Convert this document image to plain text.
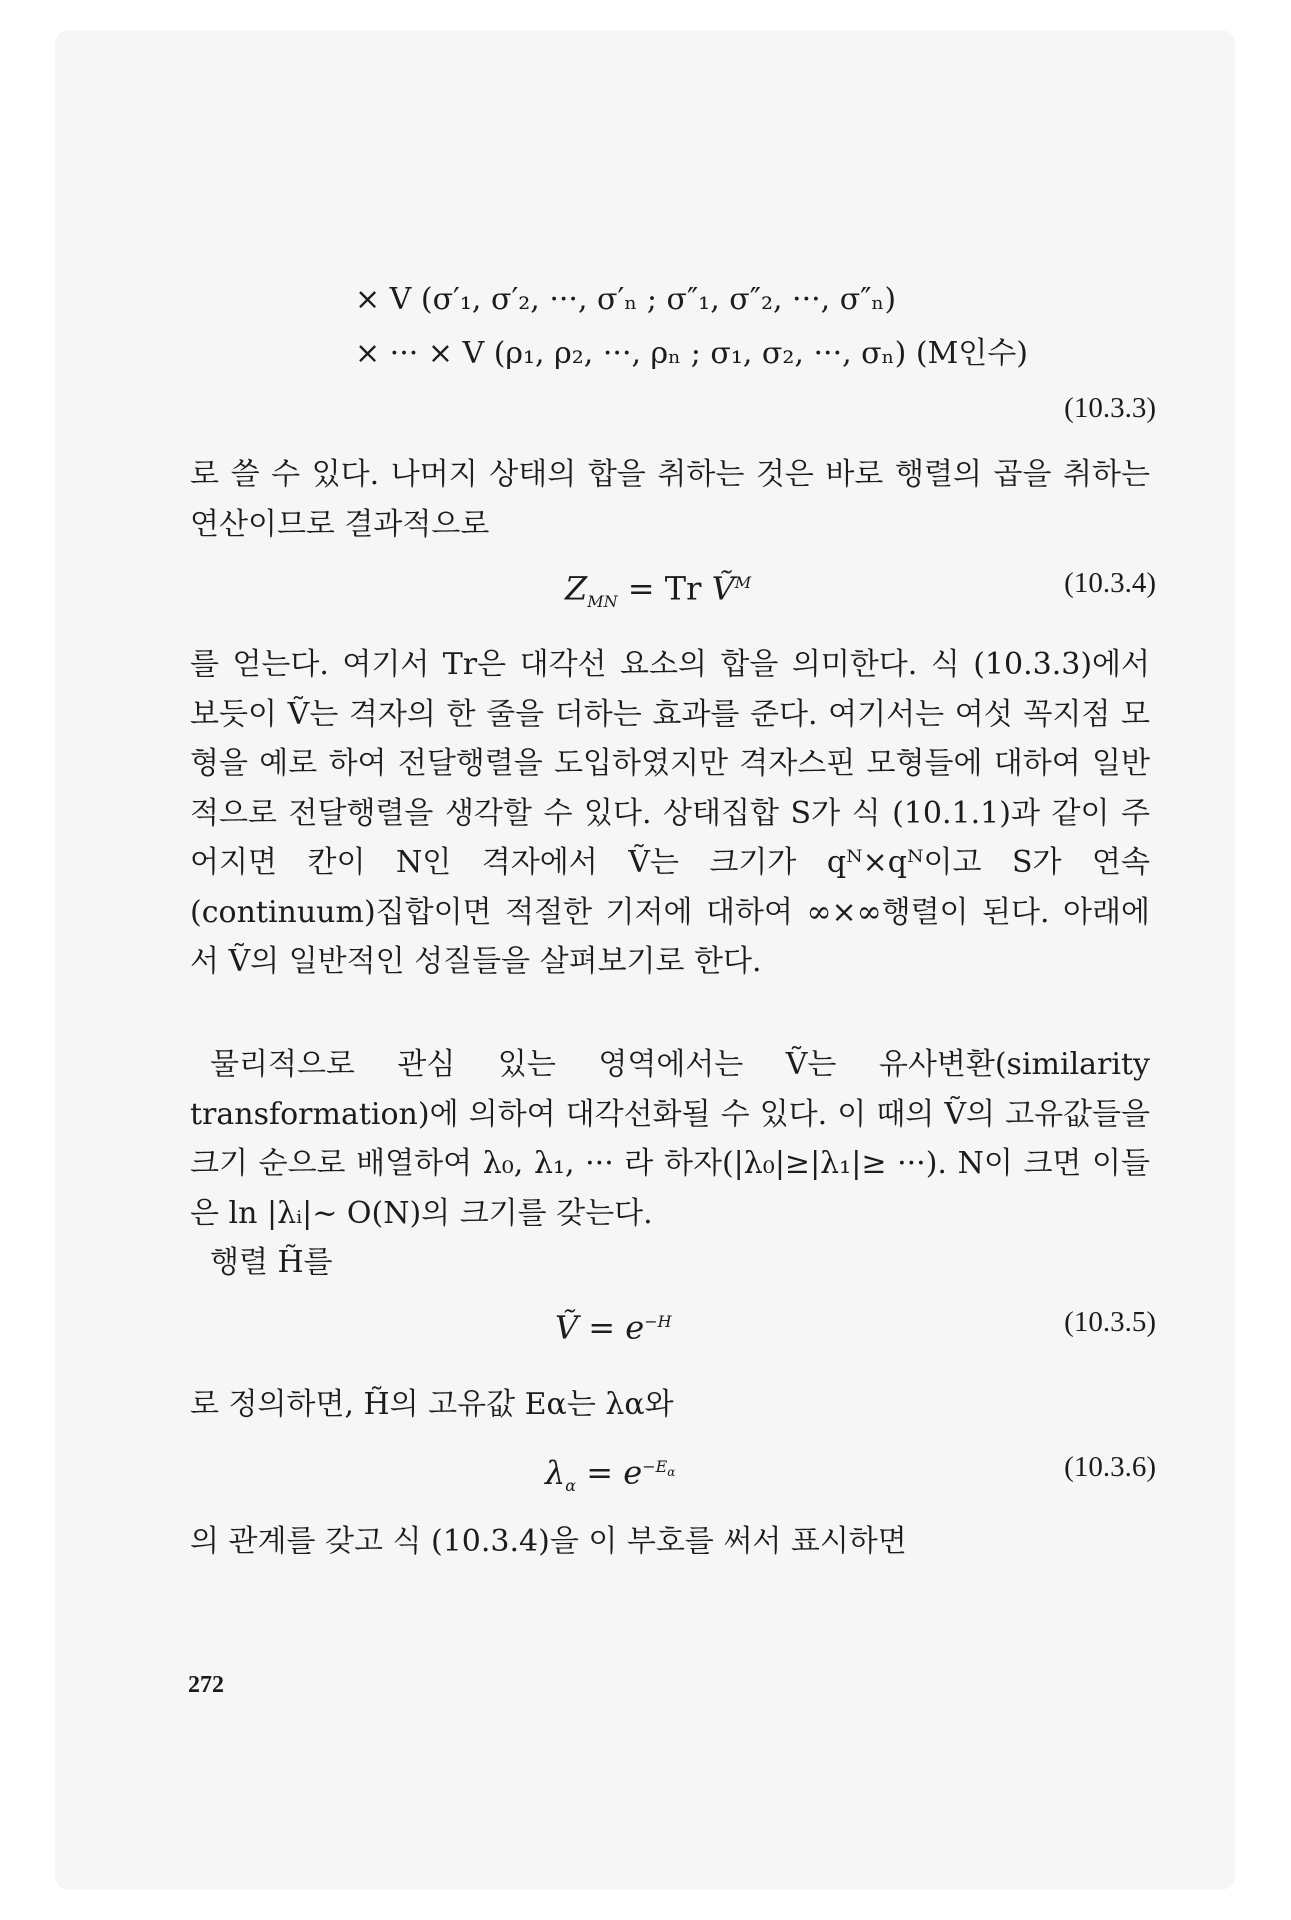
× V (σ′₁, σ′₂, ···, σ′ₙ ; σ″₁, σ″₂, ···, σ″ₙ)
× ··· × V (ρ₁, ρ₂, ···, ρₙ ; σ₁, σ₂, ···, σₙ) (M인수)
(10.3.3)
로 쓸 수 있다. 나머지 상태의 합을 취하는 것은 바로 행렬의 곱을 취하는 연산이므로 결과적으로
$Z_{MN} = Tr$ Ṽ$^M$	(10.3.4)
를 얻는다. 여기서 Tr은 대각선 요소의 합을 의미한다. 식 (10.3.3)에서 보듯이 Ṽ는 격자의 한 줄을 더하는 효과를 준다. 여기서는 여섯 꼭지점 모형을 예로 하여 전달행렬을 도입하였지만 격자스핀 모형들에 대하여 일반적으로 전달행렬을 생각할 수 있다. 상태집합 S가 식 (10.1.1)과 같이 주어지면 칸이 N인 격자에서 Ṽ는 크기가 qᴺ×qᴺ이고 S가 연속(continuum)집합이면 적절한 기저에 대하여 ∞×∞행렬이 된다. 아래에서 Ṽ의 일반적인 성질들을 살펴보기로 한다.
물리적으로 관심 있는 영역에서는 Ṽ는 유사변환(similarity transformation)에 의하여 대각선화될 수 있다. 이 때의 Ṽ의 고유값들을 크기 순으로 배열하여 λ₀, λ₁, ··· 라 하자(|λ₀|≥|λ₁|≥ ···). N이 크면 이들은 ln |λᵢ|~ O(N)의 크기를 갖는다.
행렬 H̃를
Ṽ = $e^{-H}$	(10.3.5)
로 정의하면, H̃의 고유값 Eα는 λα와
$\lambda_\alpha = e^{-E_\alpha}$	(10.3.6)
의 관계를 갖고 식 (10.3.4)을 이 부호를 써서 표시하면
272
